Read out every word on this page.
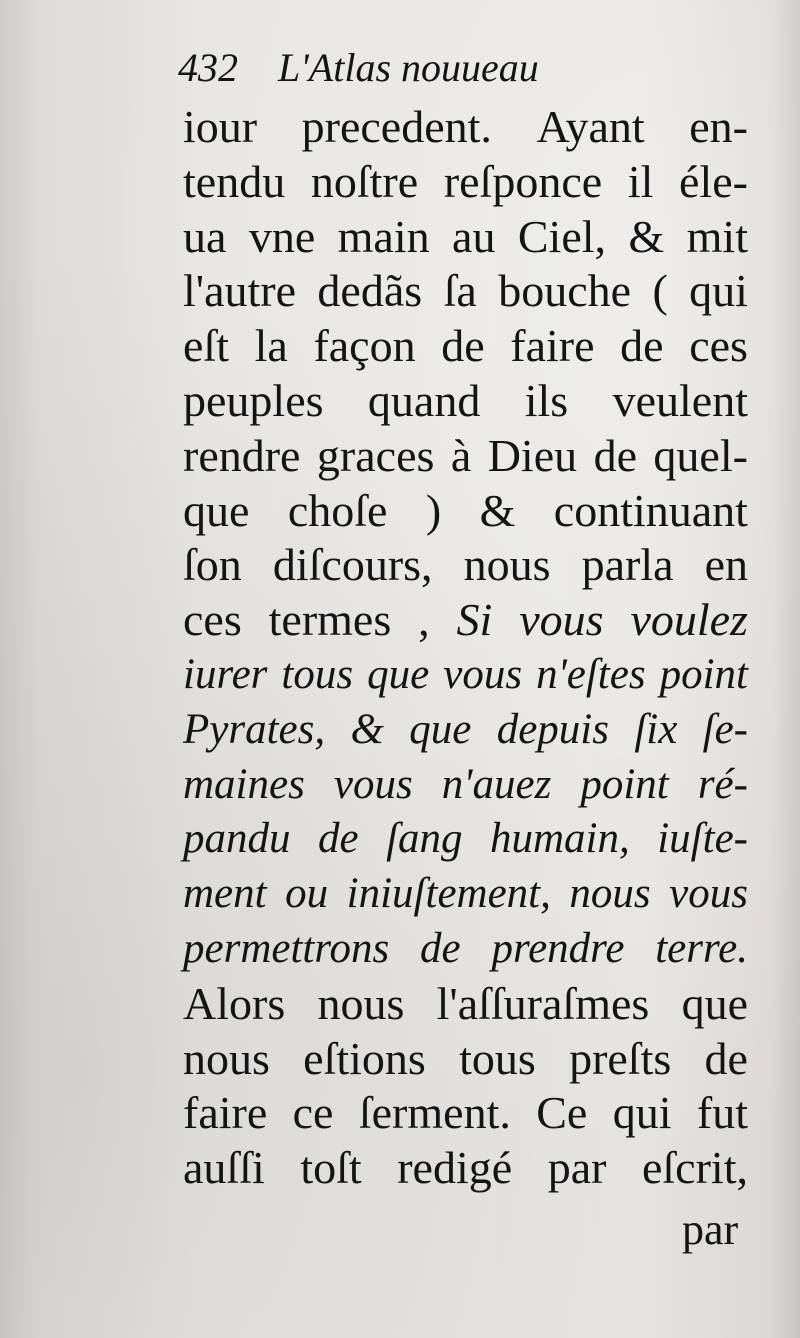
432 L'Atlas nouueau
iour precedent. Ayant en-
tendu noſtre reſponce il éle-
ua vne main au Ciel, & mit
l'autre dedãs ſa bouche ( qui
eſt la façon de faire de ces
peuples quand ils veulent
rendre graces à Dieu de quel-
que choſe ) & continuant
ſon diſcours, nous parla en
ces termes , Si vous voulez
iurer tous que vous n'eſtes point
Pyrates, & que depuis ſix ſe-
maines vous n'auez point ré-
pandu de ſang humain, iuſte-
ment ou iniuſtement, nous vous
permettrons de prendre terre.
Alors nous l'aſſuraſmes que
nous eſtions tous preſts de
faire ce ſerment. Ce qui fut
auſſi toſt redigé par eſcrit,
par
